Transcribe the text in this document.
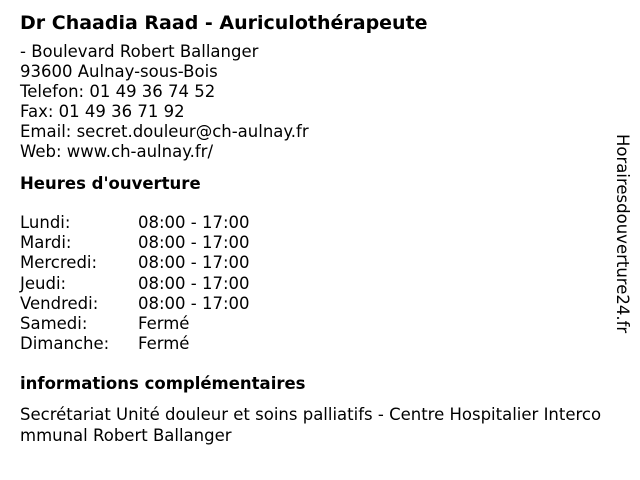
Dr Chaadia Raad - Auriculothérapeute
- Boulevard Robert Ballanger
93600 Aulnay-sous-Bois
Telefon: 01 49 36 74 52
Fax: 01 49 36 71 92
Email: secret.douleur@ch-aulnay.fr
Web: www.ch-aulnay.fr/
Heures d'ouverture
Lundi:	08:00 - 17:00
Mardi:	08:00 - 17:00
Mercredi:	08:00 - 17:00
Jeudi:	08:00 - 17:00
Vendredi:	08:00 - 17:00
Samedi:	Fermé
Dimanche:	Fermé
informations complémentaires
Secrétariat Unité douleur et soins palliatifs - Centre Hospitalier Intercommunal Robert Ballanger
Horairesdouverture24.fr
